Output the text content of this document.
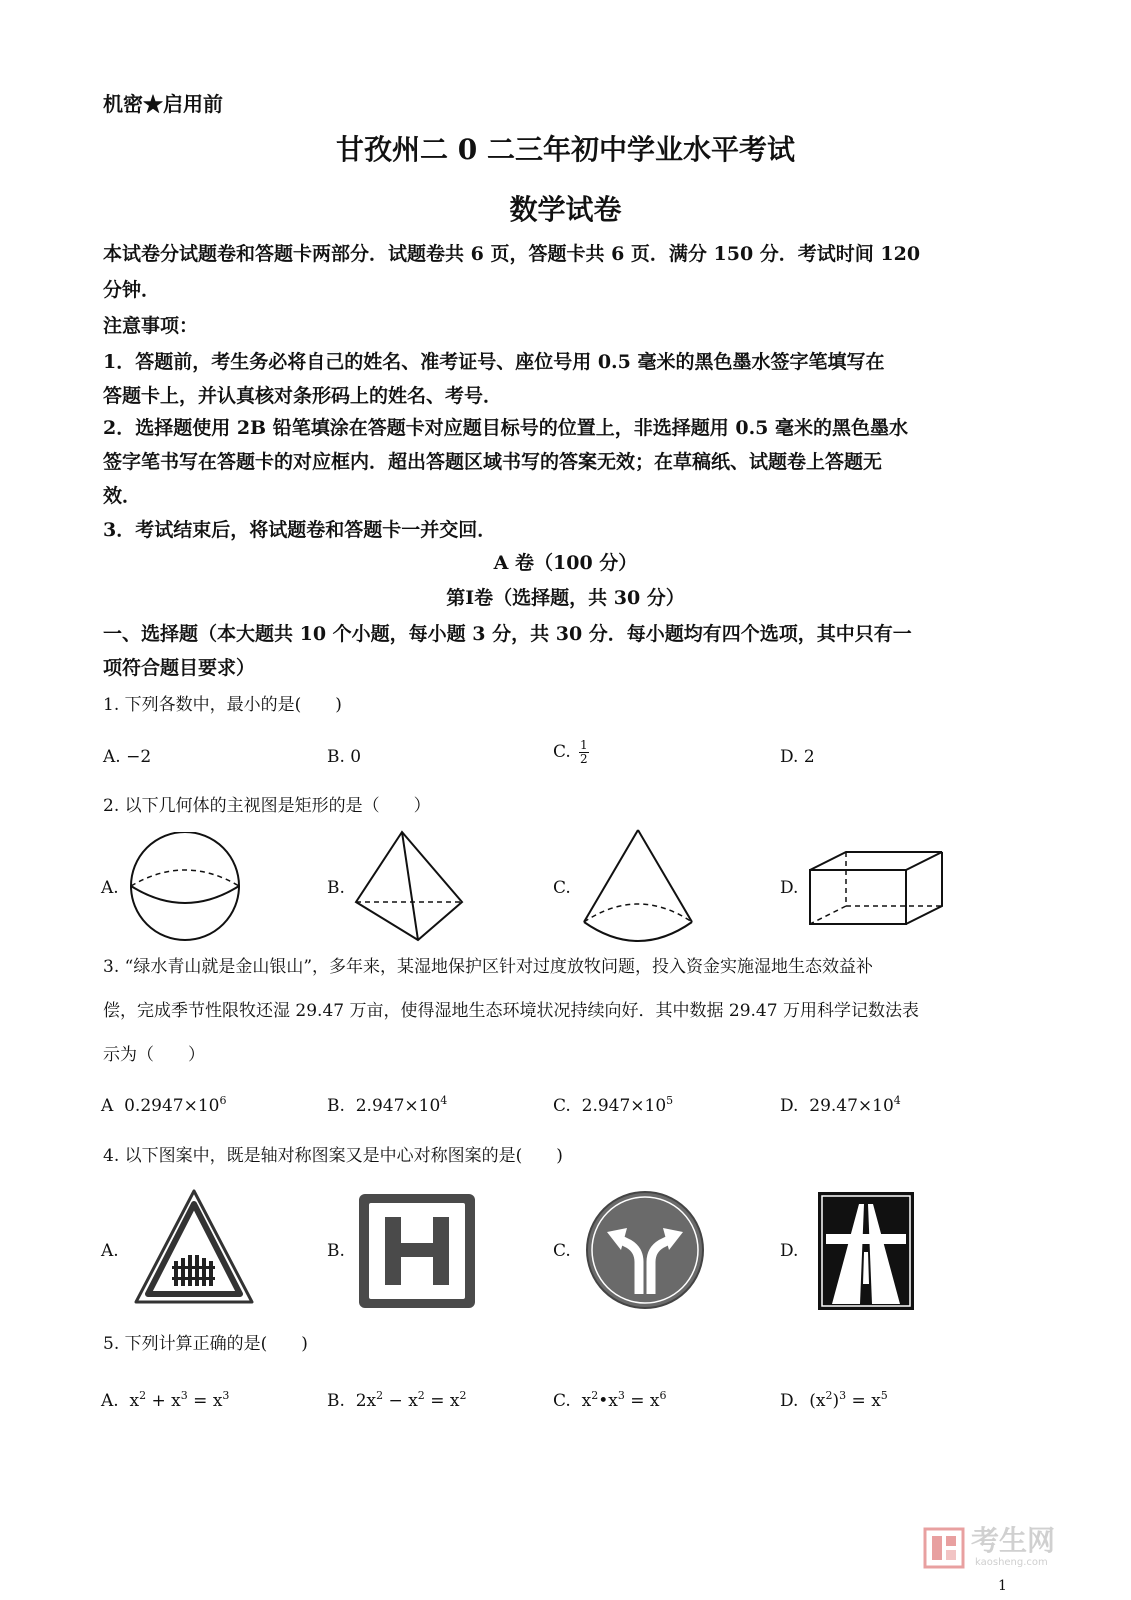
机密★启用前
甘孜州二 0 二三年初中学业水平考试
数学试卷
本试卷分试题卷和答题卡两部分．试题卷共 6 页，答题卡共 6 页．满分 150 分．考试时间 120
分钟．
注意事项：
1．答题前，考生务必将自己的姓名、准考证号、座位号用 0.5 毫米的黑色墨水签字笔填写在
答题卡上，并认真核对条形码上的姓名、考号．
2．选择题使用 2B 铅笔填涂在答题卡对应题目标号的位置上，非选择题用 0.5 毫米的黑色墨水
签字笔书写在答题卡的对应框内．超出答题区域书写的答案无效；在草稿纸、试题卷上答题无
效．
3．考试结束后，将试题卷和答题卡一并交回．
A 卷（100 分）
第Ⅰ卷（选择题，共 30 分）
一、选择题（本大题共 10 个小题，每小题 3 分，共 30 分．每小题均有四个选项，其中只有一
项符合题目要求）
1. 下列各数中，最小的是(　　)
A. −2	B. 0	C. $\frac{1}{2}$	D. 2
2. 以下几何体的主视图是矩形的是（　　）
A.	B.	C.	D.
3. “绿水青山就是金山银山”，多年来，某湿地保护区针对过度放牧问题，投入资金实施湿地生态效益补
偿，完成季节性限牧还湿 29.47 万亩，使得湿地生态环境状况持续向好．其中数据 29.47 万用科学记数法表
示为（　　）
A $0.2947\times 10^6$	B. $2.947\times 10^4$	C. $2.947\times 10^5$	D. $29.47\times 10^4$
4. 以下图案中，既是轴对称图案又是中心对称图案的是(　　)
A.	B.	C.	D.
5. 下列计算正确的是(　　)
A. $x^2 + x^3 = x^3$	B. $2x^2 - x^2 = x^2$	C. $x^2•x^3 = x^6$	D. $(x^2)^3 = x^5$
考生网
kaosheng.com
1
